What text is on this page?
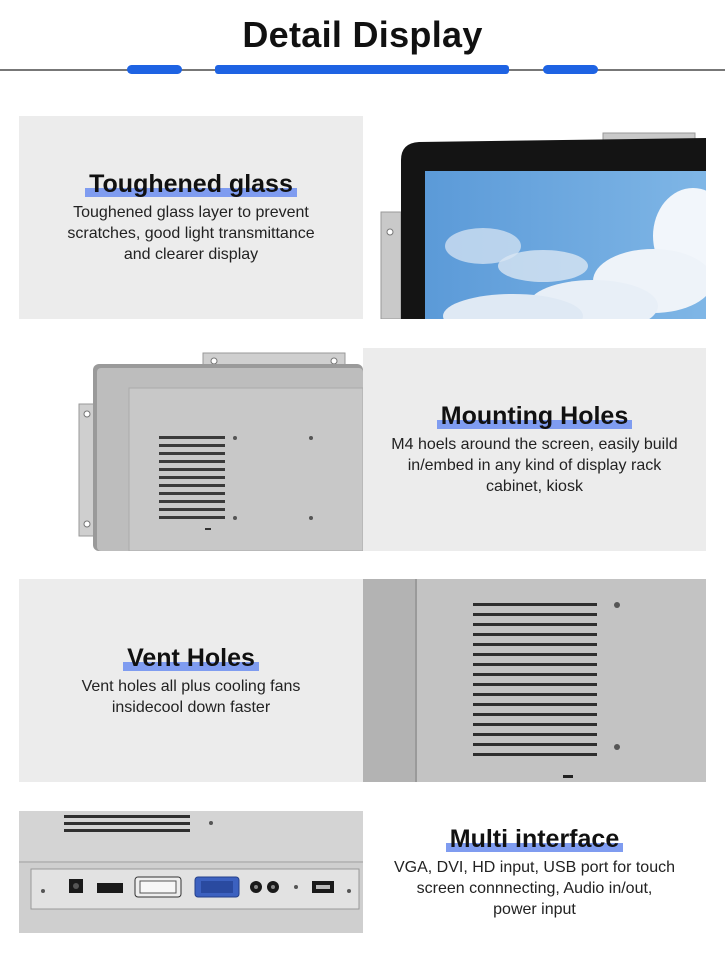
Detail Display
Toughened glass
Toughened glass layer to prevent
scratches, good light transmittance
and clearer display
Mounting Holes
M4 hoels around the screen, easily build
in/embed in any kind of display rack
cabinet, kiosk
Vent Holes
Vent holes all plus cooling fans
insidecool down faster
Multi interface
VGA, DVI, HD input, USB port for touch
screen connnecting, Audio in/out,
power input
